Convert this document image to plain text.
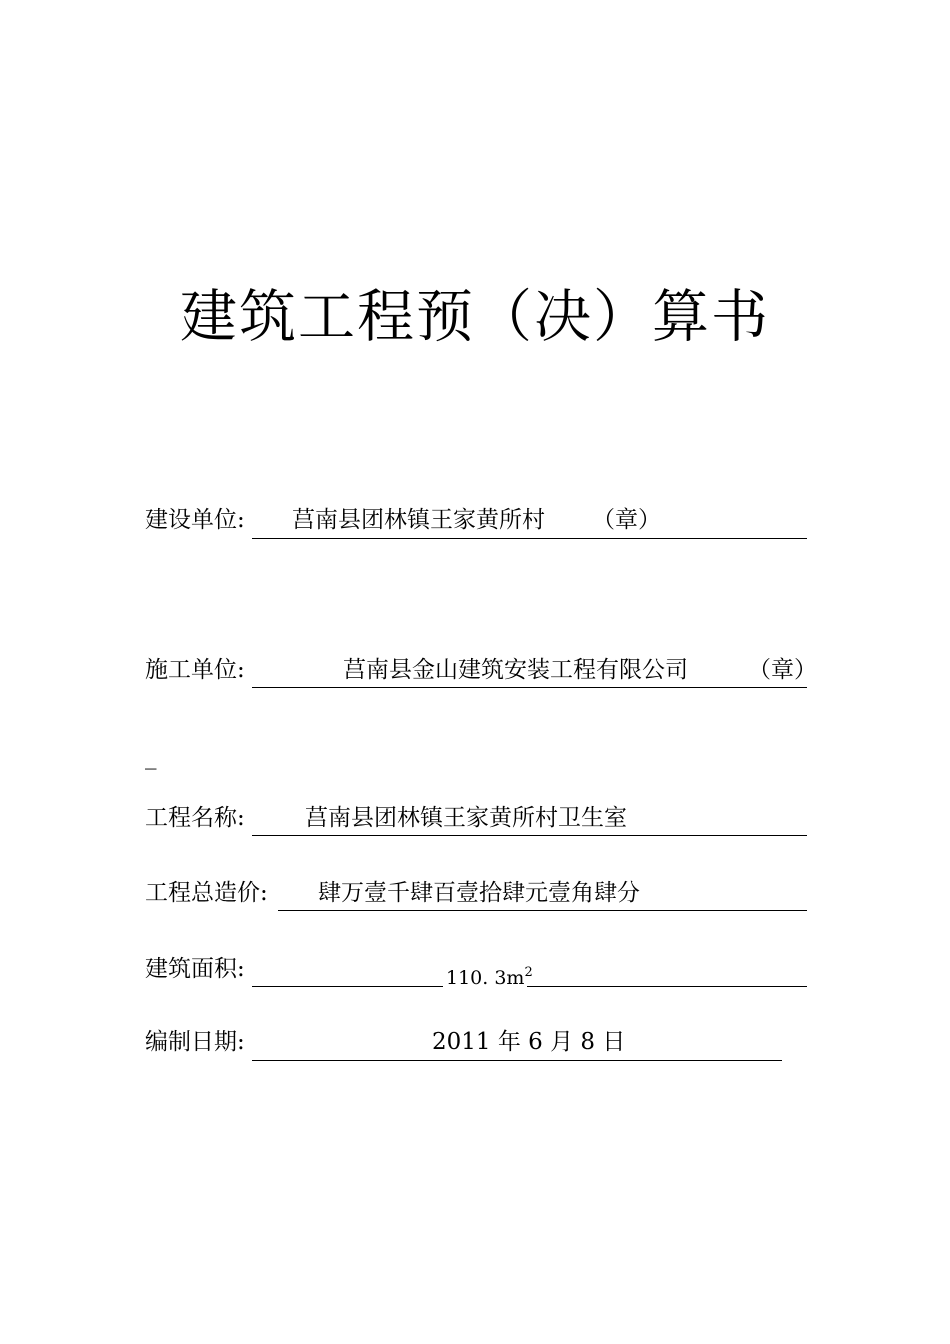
建筑工程预（决）算书
建设单位: 莒南县团林镇王家黄所村 （章）
施工单位:	莒南县金山建筑安装工程有限公司	（章）
_
工程名称:	莒南县团林镇王家黄所村卫生室
工程总造价: 肆万壹千肆百壹拾肆元壹角肆分
建筑面积:	110. $3m^2$
编制日期:	2011 年 6 月 8 日
